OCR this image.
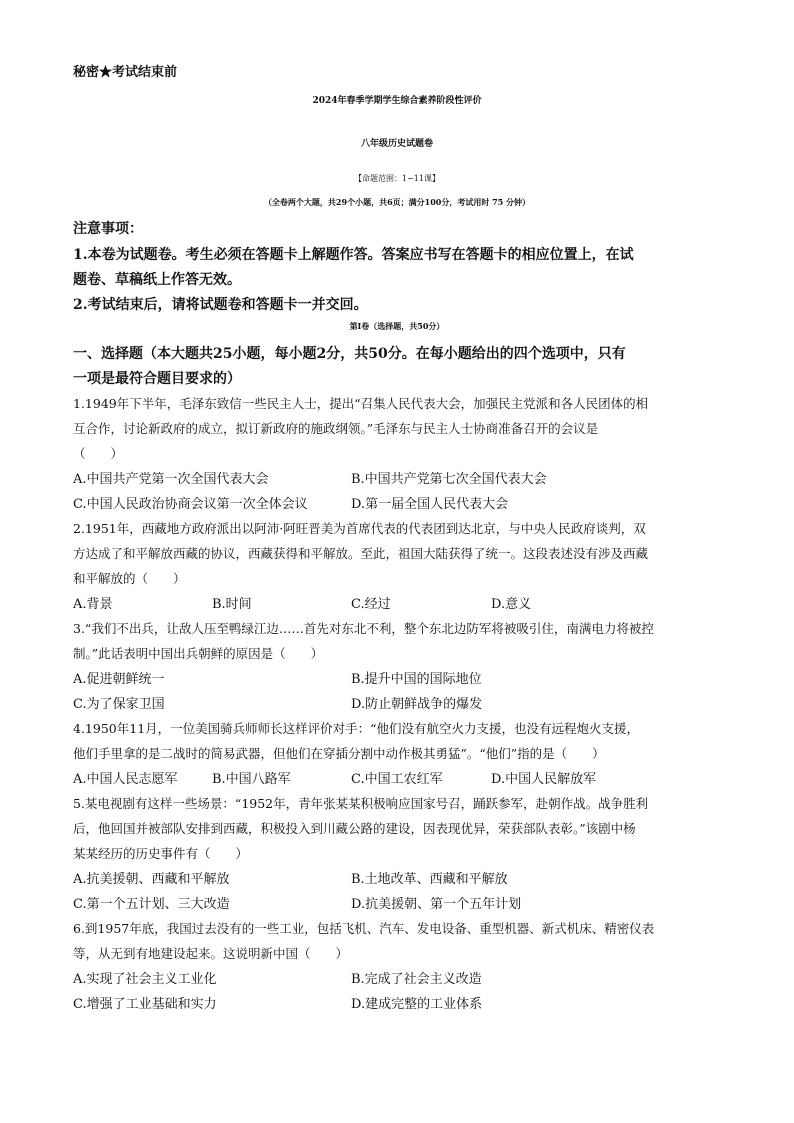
秘密★考试结束前
2024年春季学期学生综合素养阶段性评价
八年级历史试题卷
【命题范围：1~11课】
（全卷两个大题，共29个小题，共6页；满分100分，考试用时 75 分钟）
注意事项：
1.本卷为试题卷。考生必须在答题卡上解题作答。答案应书写在答题卡的相应位置上，在试
题卷、草稿纸上作答无效。
2.考试结束后，请将试题卷和答题卡一并交回。
第Ⅰ卷（选择题，共50分）
一、选择题（本大题共25小题，每小题2分，共50分。在每小题给出的四个选项中，只有
一项是最符合题目要求的）
1.1949年下半年，毛泽东致信一些民主人士，提出“召集人民代表大会，加强民主党派和各人民团体的相
互合作，讨论新政府的成立，拟订新政府的施政纲领。”毛泽东与民主人士协商准备召开的会议是
（　　）
A.中国共产党第一次全国代表大会	B.中国共产党第七次全国代表大会
C.中国人民政治协商会议第一次全体会议	D.第一届全国人民代表大会
2.1951年，西藏地方政府派出以阿沛·阿旺晋美为首席代表的代表团到达北京，与中央人民政府谈判，双
方达成了和平解放西藏的协议，西藏获得和平解放。至此，祖国大陆获得了统一。这段表述没有涉及西藏
和平解放的（　　）
A.背景	B.时间	C.经过	D.意义
3.“我们不出兵，让敌人压至鸭绿江边……首先对东北不利，整个东北边防军将被吸引住，南满电力将被控
制。”此话表明中国出兵朝鲜的原因是（　　）
A.促进朝鲜统一	B.提升中国的国际地位
C.为了保家卫国	D.防止朝鲜战争的爆发
4.1950年11月，一位美国骑兵师师长这样评价对手：“他们没有航空火力支援，也没有远程炮火支援，
他们手里拿的是二战时的简易武器，但他们在穿插分割中动作极其勇猛”。“他们”指的是（　　）
A.中国人民志愿军	B.中国八路军	C.中国工农红军	D.中国人民解放军
5.某电视剧有这样一些场景：“1952年，青年张某某积极响应国家号召，踊跃参军，赴朝作战。战争胜利
后，他回国并被部队安排到西藏，积极投入到川藏公路的建设，因表现优异，荣获部队表彰。”该剧中杨
某某经历的历史事件有（　　）
A.抗美援朝、西藏和平解放	B.土地改革、西藏和平解放
C.第一个五计划、三大改造	D.抗美援朝、第一个五年计划
6.到1957年底，我国过去没有的一些工业，包括飞机、汽车、发电设备、重型机器、新式机床、精密仪表
等，从无到有地建设起来。这说明新中国（　　）
A.实现了社会主义工业化	B.完成了社会主义改造
C.增强了工业基础和实力	D.建成完整的工业体系
